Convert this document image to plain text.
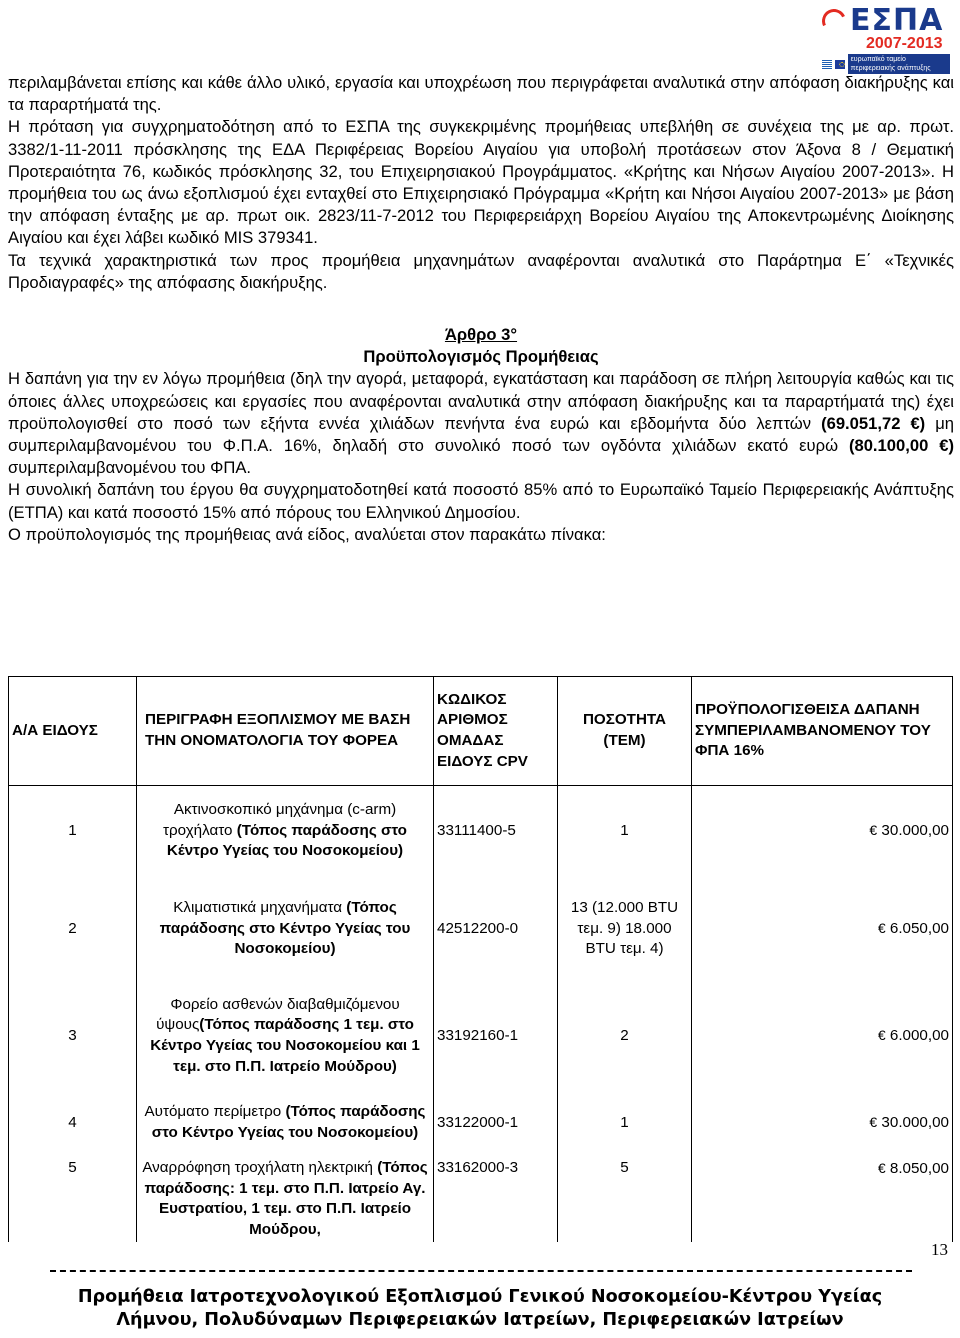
ΕΣΠΑ
2007-2013
ευρωπαϊκό ταμείο περιφερειακής ανάπτυξης

περιλαμβάνεται επίσης και κάθε άλλο υλικό, εργασία και υποχρέωση που περιγράφεται αναλυτικά στην απόφαση διακήρυξης και τα παραρτήματά της.

Η πρόταση για συγχρηματοδότηση από το ΕΣΠΑ της συγκεκριμένης προμήθειας υπεβλήθη σε συνέχεια της με αρ. πρωτ. 3382/1-11-2011 πρόσκλησης της ΕΔΑ Περιφέρειας Βορείου Αιγαίου για υποβολή προτάσεων στον Άξονα 8 / Θεματική Προτεραιότητα 76, κωδικός πρόσκλησης 32, του Επιχειρησιακού Προγράμματος. «Κρήτης και Νήσων Αιγαίου 2007-2013». Η προμήθεια του ως άνω εξοπλισμού έχει ενταχθεί στο Επιχειρησιακό Πρόγραμμα «Κρήτη και Νήσοι Αιγαίου 2007-2013» με βάση την απόφαση ένταξης με αρ. πρωτ οικ. 2823/11-7-2012 του Περιφερειάρχη Βορείου Αιγαίου της Αποκεντρωμένης Διοίκησης Αιγαίου και έχει λάβει κωδικό MIS 379341.

Τα τεχνικά χαρακτηριστικά των προς προμήθεια μηχανημάτων αναφέρονται αναλυτικά στο Παράρτημα Ε΄ «Τεχνικές Προδιαγραφές» της απόφασης διακήρυξης.

Άρθρο 3°

Προϋπολογισμός Προμήθειας

Η δαπάνη για την εν λόγω προμήθεια (δηλ την αγορά, μεταφορά, εγκατάσταση και παράδοση σε πλήρη λειτουργία καθώς και τις όποιες άλλες υποχρεώσεις και εργασίες που αναφέρονται αναλυτικά στην απόφαση διακήρυξης και τα παραρτήματά της) έχει προϋπολογισθεί στο ποσό των εξήντα εννέα χιλιάδων πενήντα ένα ευρώ και εβδομήντα δύο λεπτών (69.051,72 €) μη συμπεριλαμβανομένου του Φ.Π.Α. 16%, δηλαδή στο συνολικό ποσό των ογδόντα χιλιάδων εκατό ευρώ (80.100,00 €) συμπεριλαμβανομένου του ΦΠΑ.

Η συνολική δαπάνη του έργου θα συγχρηματοδοτηθεί κατά ποσοστό 85% από το Ευρωπαϊκό Ταμείο Περιφερειακής Ανάπτυξης (ΕΤΠΑ) και κατά ποσοστό 15% από πόρους του Ελληνικού Δημοσίου.

Ο προϋπολογισμός της προμήθειας ανά είδος, αναλύεται στον παρακάτω πίνακα:

Α/Α ΕΙΔΟΥΣ	ΠΕΡΙΓΡΑΦΗ ΕΞΟΠΛΙΣΜΟΥ ΜΕ ΒΑΣΗ ΤΗΝ ΟΝΟΜΑΤΟΛΟΓΙΑ ΤΟΥ ΦΟΡΕΑ	ΚΩΔΙΚΟΣ ΑΡΙΘΜΟΣ ΟΜΑΔΑΣ ΕΙΔΟΥΣ CPV	ΠΟΣΟΤΗΤΑ (ΤΕΜ)	ΠΡΟΫΠΟΛΟΓΙΣΘΕΙΣΑ ΔΑΠΑΝΗ ΣΥΜΠΕΡΙΛΑΜΒΑΝΟΜΕΝΟΥ ΤΟΥ ΦΠΑ 16%
1	Ακτινοσκοπικό μηχάνημα (c-arm) τροχήλατο (Τόπος παράδοσης στο Κέντρο Υγείας του Νοσοκομείου)	33111400-5	1	€ 30.000,00
2	Κλιματιστικά μηχανήματα (Τόπος παράδοσης στο Κέντρο Υγείας του Νοσοκομείου)	42512200-0	13 (12.000 BTU τεμ. 9) 18.000 BTU τεμ. 4)	€ 6.050,00
3	Φορείο ασθενών διαβαθμιζόμενου ύψους(Τόπος παράδοσης 1 τεμ. στο Κέντρο Υγείας του Νοσοκομείου και 1 τεμ. στο Π.Π. Ιατρείο Μούδρου)	33192160-1	2	€ 6.000,00
4	Αυτόματο περίμετρο (Τόπος παράδοσης στο Κέντρο Υγείας του Νοσοκομείου)	33122000-1	1	€ 30.000,00
5	Αναρρόφηση τροχήλατη ηλεκτρική (Τόπος παράδοσης: 1 τεμ. στο Π.Π. Ιατρείο Αγ. Ευστρατίου, 1 τεμ. στο Π.Π. Ιατρείο Μούδρου,	33162000-3	5	€ 8.050,00
13
Προμήθεια Ιατροτεχνολογικού Εξοπλισμού Γενικού Νοσοκομείου-Κέντρου Υγείας
Λήμνου, Πολυδύναμων Περιφερειακών Ιατρείων, Περιφερειακών Ιατρείων
